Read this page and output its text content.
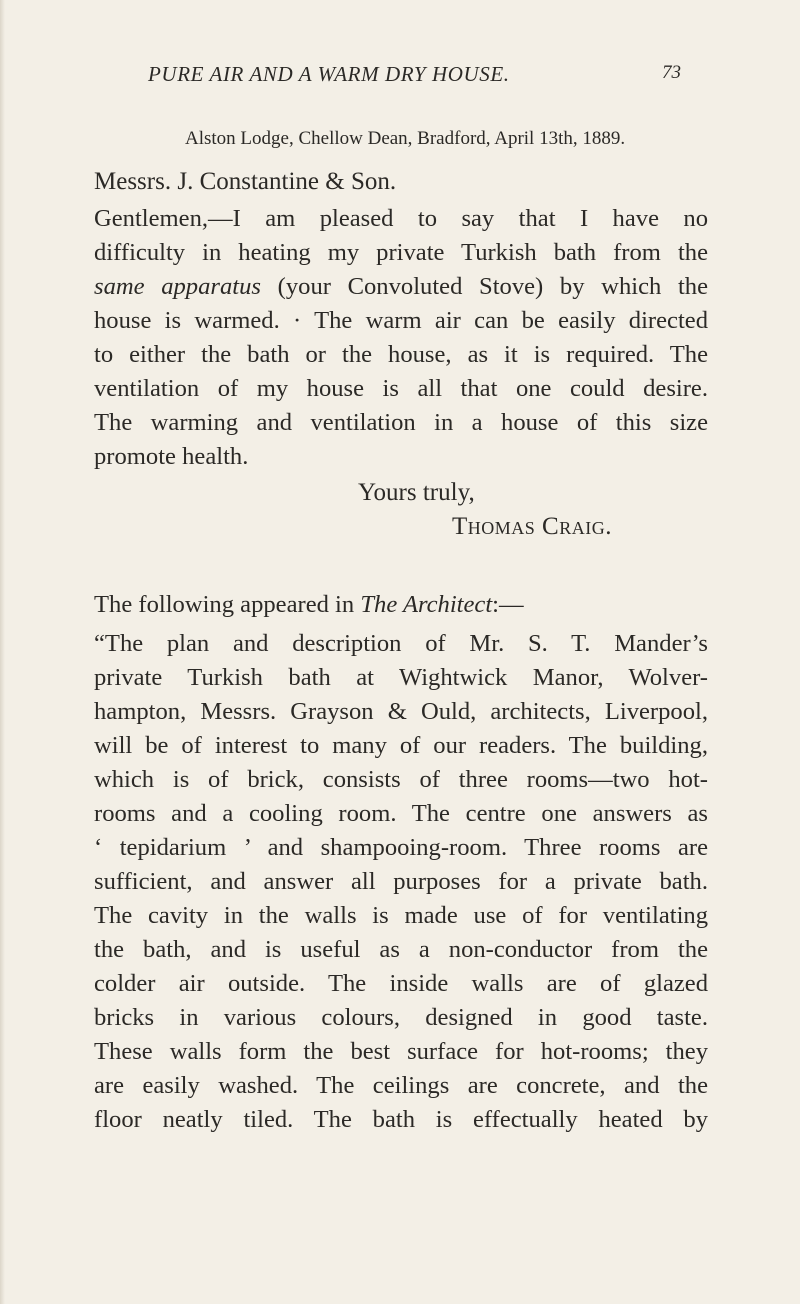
PURE AIR AND A WARM DRY HOUSE.	73
Alston Lodge, Chellow Dean, Bradford, April 13th, 1889.
Messrs. J. Constantine & Son.
Gentlemen,—I am pleased to say that I have no
difficulty in heating my private Turkish bath from the
same apparatus (your Convoluted Stove) by which the
house is warmed. · The warm air can be easily directed
to either the bath or the house, as it is required. The
ventilation of my house is all that one could desire.
The warming and ventilation in a house of this size
promote health.
Yours truly,
Thomas Craig.
The following appeared in The Architect:—
“The plan and description of Mr. S. T. Mander’s
private Turkish bath at Wightwick Manor, Wolver-
hampton, Messrs. Grayson & Ould, architects, Liverpool,
will be of interest to many of our readers. The building,
which is of brick, consists of three rooms—two hot-
rooms and a cooling room. The centre one answers as
‘ tepidarium ’ and shampooing-room. Three rooms are
sufficient, and answer all purposes for a private bath.
The cavity in the walls is made use of for ventilating
the bath, and is useful as a non-conductor from the
colder air outside. The inside walls are of glazed
bricks in various colours, designed in good taste.
These walls form the best surface for hot-rooms; they
are easily washed. The ceilings are concrete, and the
floor neatly tiled. The bath is effectually heated by
